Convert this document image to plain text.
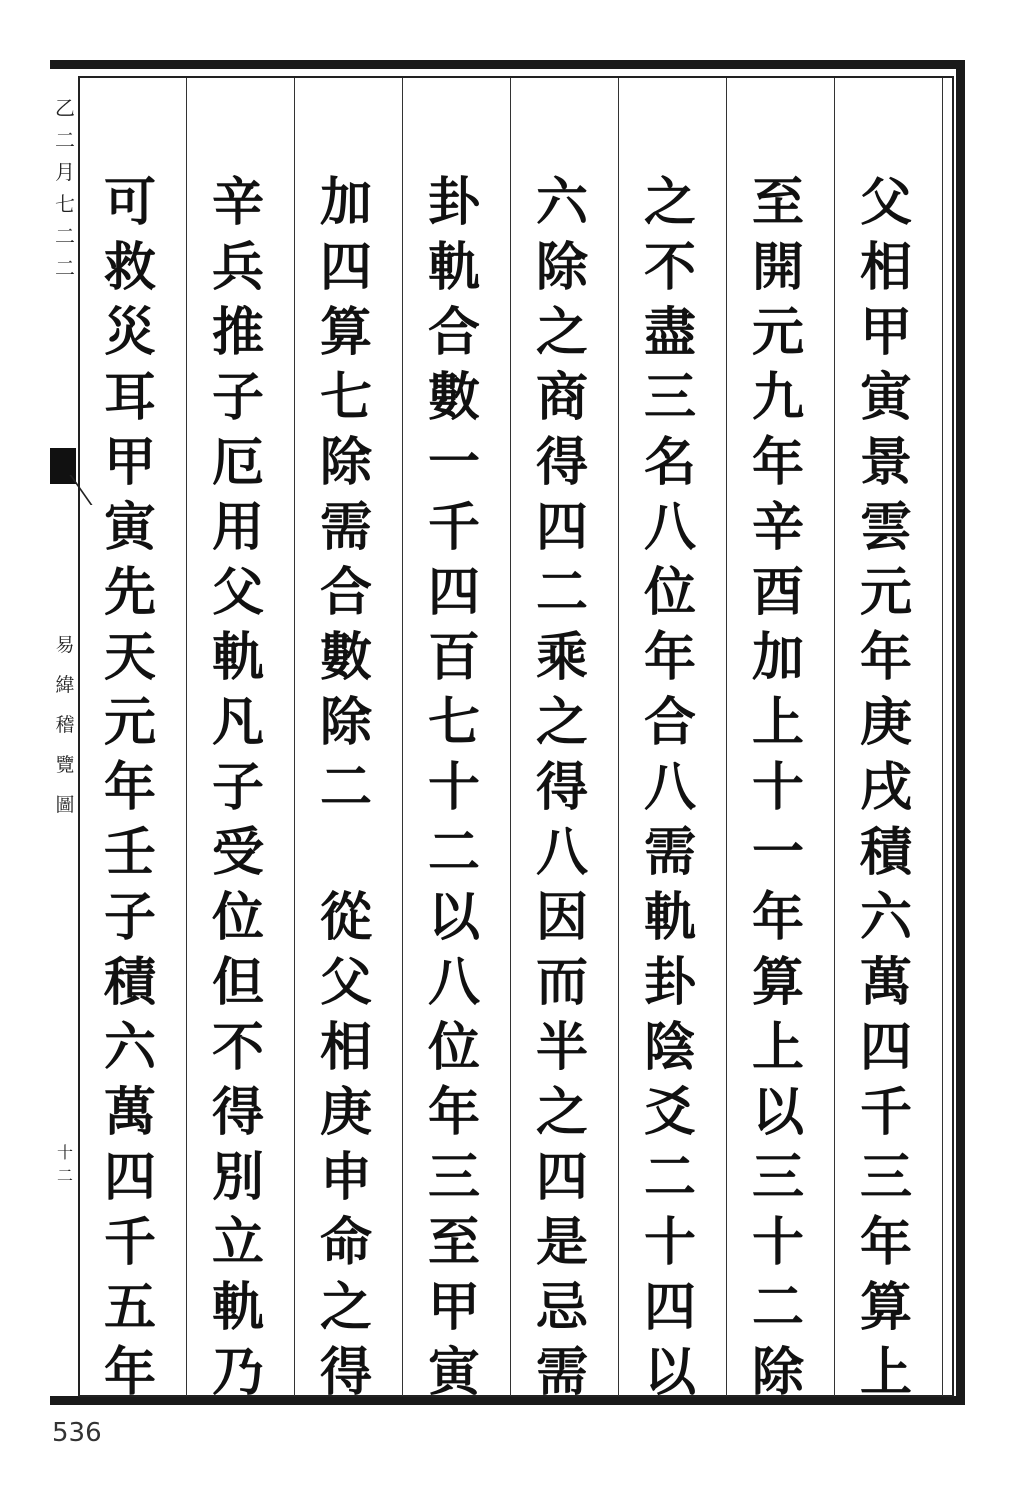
父
相
甲
寅
景
雲
元
年
庚
戌
積
六
萬
四
千
三
年
算
上
至
開
元
九
年
辛
酉
加
上
十
一
年
算
上
以
三
十
二
除
之
不
盡
三
名
八
位
年
合
八
需
軌
卦
陰
爻
二
十
四
以
六
除
之
商
得
四
二
乘
之
得
八
因
而
半
之
四
是
忌
需
卦
軌
合
數
一
千
四
百
七
十
二
以
八
位
年
三
至
甲
寅
加
四
算
七
除
需
合
數
除
二
從
父
相
庚
申
命
之
得
辛
兵
推
子
厄
用
父
軌
凡
子
受
位
但
不
得
別
立
軌
乃
可
救
災
耳
甲
寅
先
天
元
年
壬
子
積
六
萬
四
千
五
年
乙
二
月
七
二
二
易
緯
稽
覽
圖
十二
536
